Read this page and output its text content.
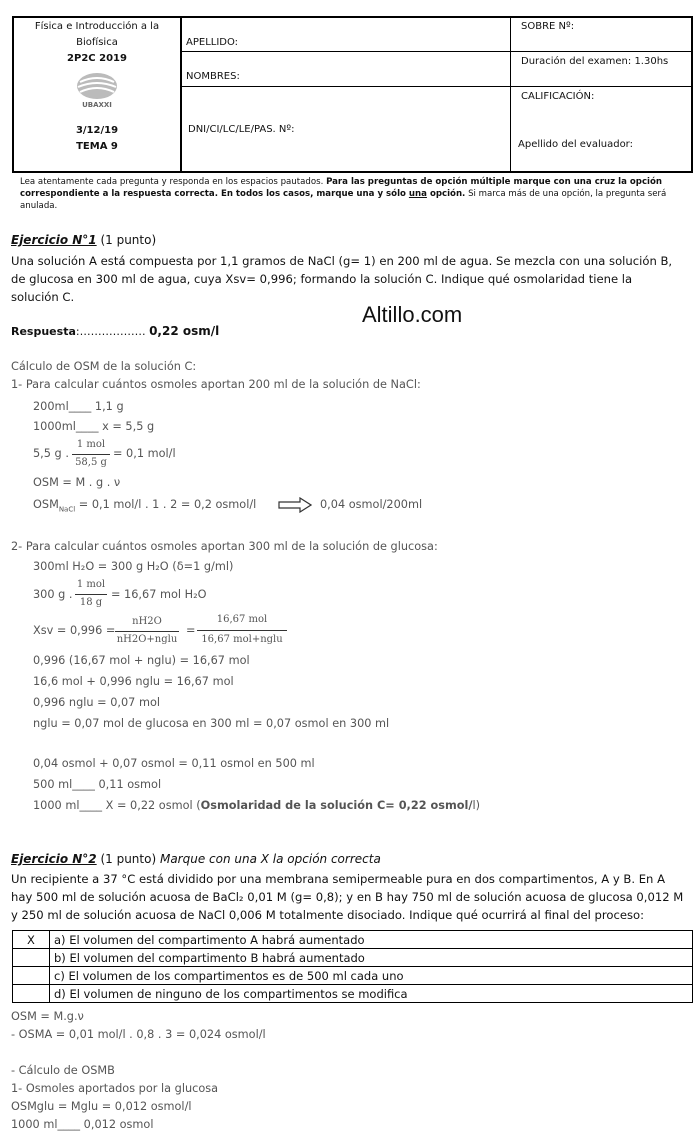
Física e Introducción a la
Biofísica
2P2C 2019
UBAXXI
3/12/19
TEMA 9
APELLIDO:
NOMBRES:
DNI/CI/LC/LE/PAS. Nº:
SOBRE Nº:
Duración del examen: 1.30hs
CALIFICACIÓN:
Apellido del evaluador:
Lea atentamente cada pregunta y responda en los espacios pautados. Para las preguntas de opción múltiple marque con una cruz la opción
correspondiente a la respuesta correcta. En todos los casos, marque una y sólo una opción. Si marca más de una opción, la pregunta será
anulada.
Ejercicio N°1 (1 punto)
Una solución A está compuesta por 1,1 gramos de NaCl (g= 1) en 200 ml de agua. Se mezcla con una solución B,
de glucosa en 300 ml de agua, cuya Xsv= 0,996; formando la solución C. Indique qué osmolaridad tiene la
solución C.
Altillo.com
Respuesta:……………… 0,22 osm/l
Cálculo de OSM de la solución C:
1- Para calcular cuántos osmoles aportan 200 ml de la solución de NaCl:
200ml____ 1,1 g
1000ml____ x = 5,5 g
5,5 g .
1 mol
58,5 g
= 0,1 mol/l
OSM = M . g . ν
$OSM_{NaCl} = 0,1$ mol/l . 1 . 2 = 0,2 osmol/l	0,04 osmol/200ml
2- Para calcular cuántos osmoles aportan 300 ml de la solución de glucosa:
300ml H₂O = 300 g H₂O (δ=1 g/ml)
300 g .
1 mol
18 g
= 16,67 mol H₂O
Xsv = 0,996 =
nH2O
nH2O+nglu
=
16,67 mol
16,67 mol+nglu
0,996 (16,67 mol + nglu) = 16,67 mol
16,6 mol + 0,996 nglu = 16,67 mol
0,996 nglu = 0,07 mol
nglu = 0,07 mol de glucosa en 300 ml = 0,07 osmol en 300 ml
0,04 osmol + 0,07 osmol = 0,11 osmol en 500 ml
500 ml____ 0,11 osmol
1000 ml____ X = 0,22 osmol (Osmolaridad de la solución C= 0,22 osmol/l)
Ejercicio N°2 (1 punto) Marque con una X la opción correcta
Un recipiente a 37 °C está dividido por una membrana semipermeable pura en dos compartimentos, A y B. En A
hay 500 ml de solución acuosa de BaCl₂ 0,01 M (g= 0,8); y en B hay 750 ml de solución acuosa de glucosa 0,012 M
y 250 ml de solución acuosa de NaCl 0,006 M totalmente disociado. Indique qué ocurrirá al final del proceso:
X	a) El volumen del compartimento A habrá aumentado
	b) El volumen del compartimento B habrá aumentado
	c) El volumen de los compartimentos es de 500 ml cada uno
	d) El volumen de ninguno de los compartimentos se modifica
OSM = M.g.ν
- OSMA = 0,01 mol/l . 0,8 . 3 = 0,024 osmol/l
- Cálculo de OSMB
1- Osmoles aportados por la glucosa
OSMglu = Mglu = 0,012 osmol/l
1000 ml____ 0,012 osmol
